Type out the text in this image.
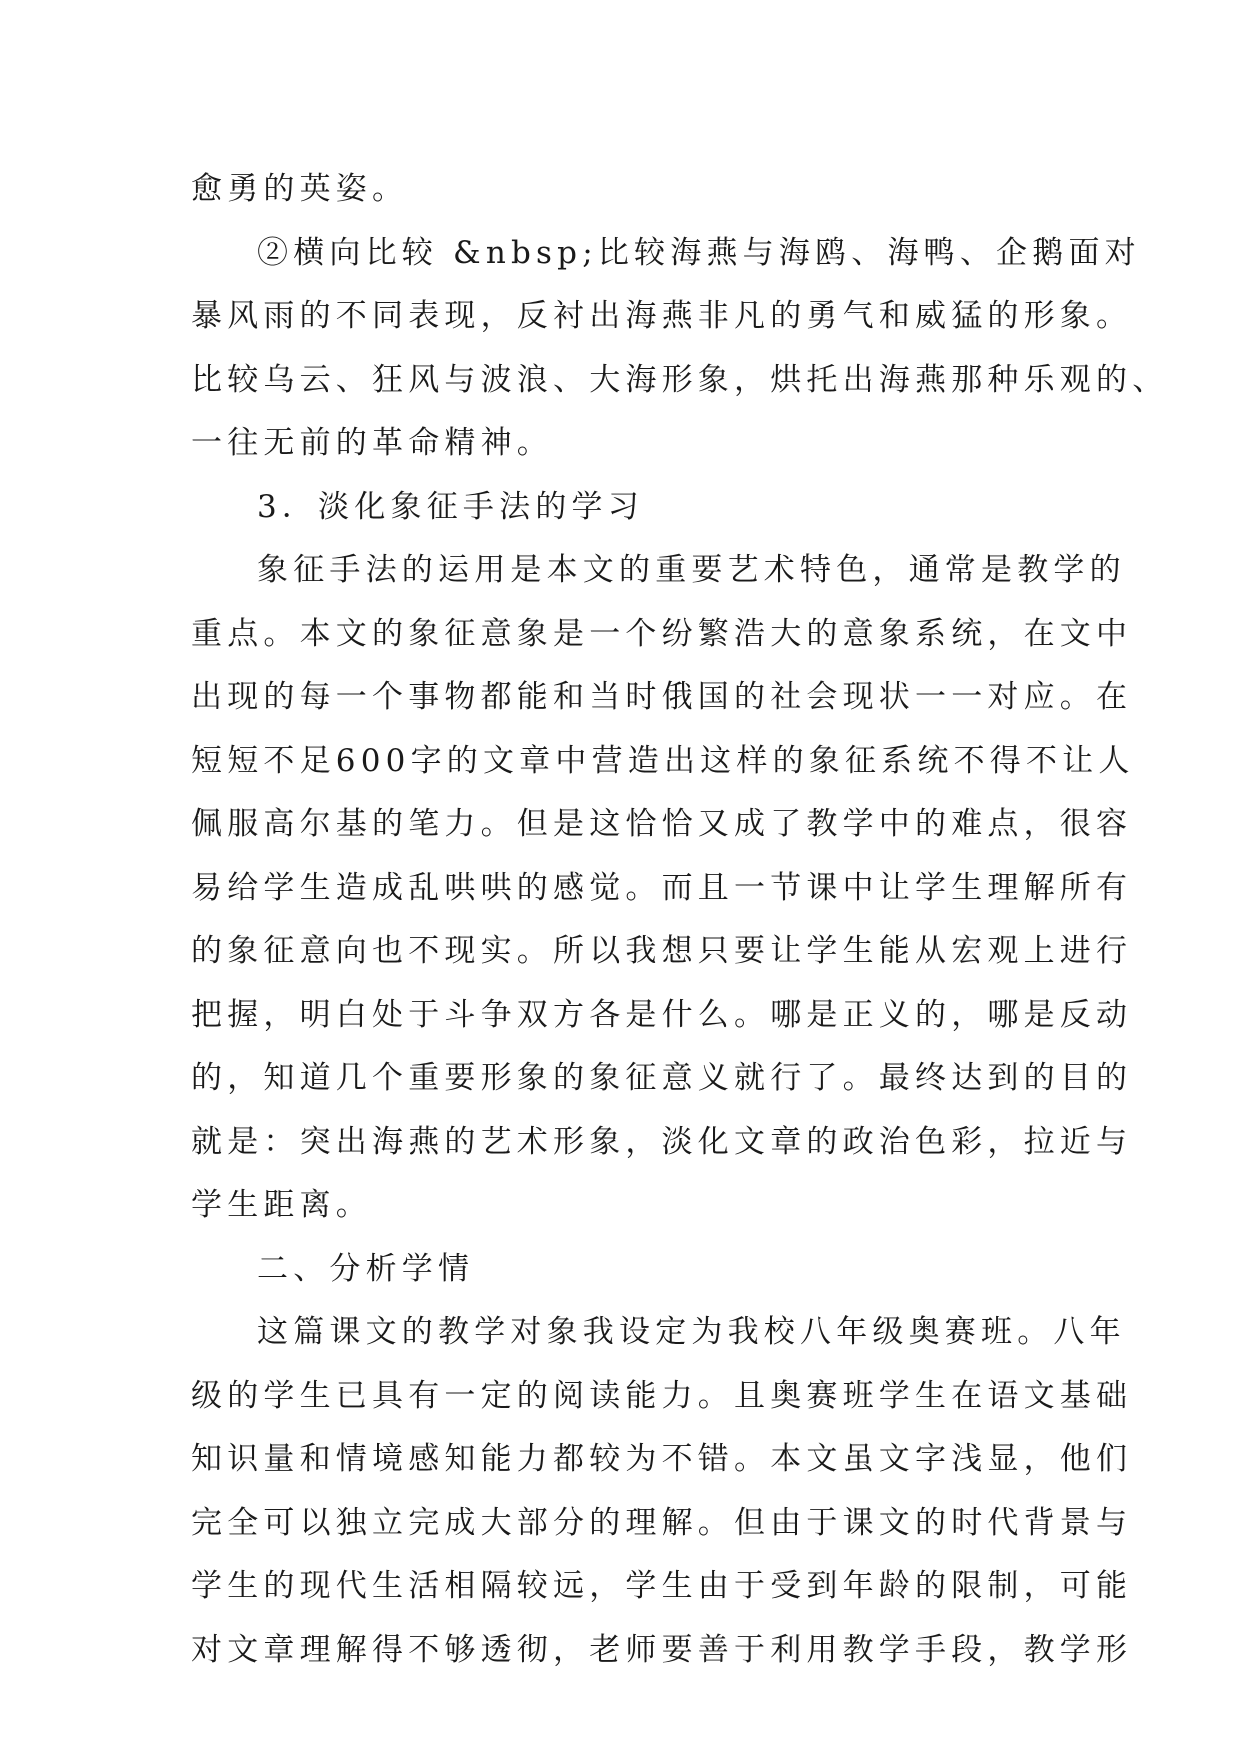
愈勇的英姿。
②横向比较 &nbsp;比较海燕与海鸥、海鸭、企鹅面对
暴风雨的不同表现，反衬出海燕非凡的勇气和威猛的形象。
比较乌云、狂风与波浪、大海形象，烘托出海燕那种乐观的、
一往无前的革命精神。
3．淡化象征手法的学习
象征手法的运用是本文的重要艺术特色，通常是教学的
重点。本文的象征意象是一个纷繁浩大的意象系统，在文中
出现的每一个事物都能和当时俄国的社会现状一一对应。在
短短不足600字的文章中营造出这样的象征系统不得不让人
佩服高尔基的笔力。但是这恰恰又成了教学中的难点，很容
易给学生造成乱哄哄的感觉。而且一节课中让学生理解所有
的象征意向也不现实。所以我想只要让学生能从宏观上进行
把握，明白处于斗争双方各是什么。哪是正义的，哪是反动
的，知道几个重要形象的象征意义就行了。最终达到的目的
就是：突出海燕的艺术形象，淡化文章的政治色彩，拉近与
学生距离。
二、分析学情
这篇课文的教学对象我设定为我校八年级奥赛班。八年
级的学生已具有一定的阅读能力。且奥赛班学生在语文基础
知识量和情境感知能力都较为不错。本文虽文字浅显，他们
完全可以独立完成大部分的理解。但由于课文的时代背景与
学生的现代生活相隔较远，学生由于受到年龄的限制，可能
对文章理解得不够透彻，老师要善于利用教学手段，教学形
